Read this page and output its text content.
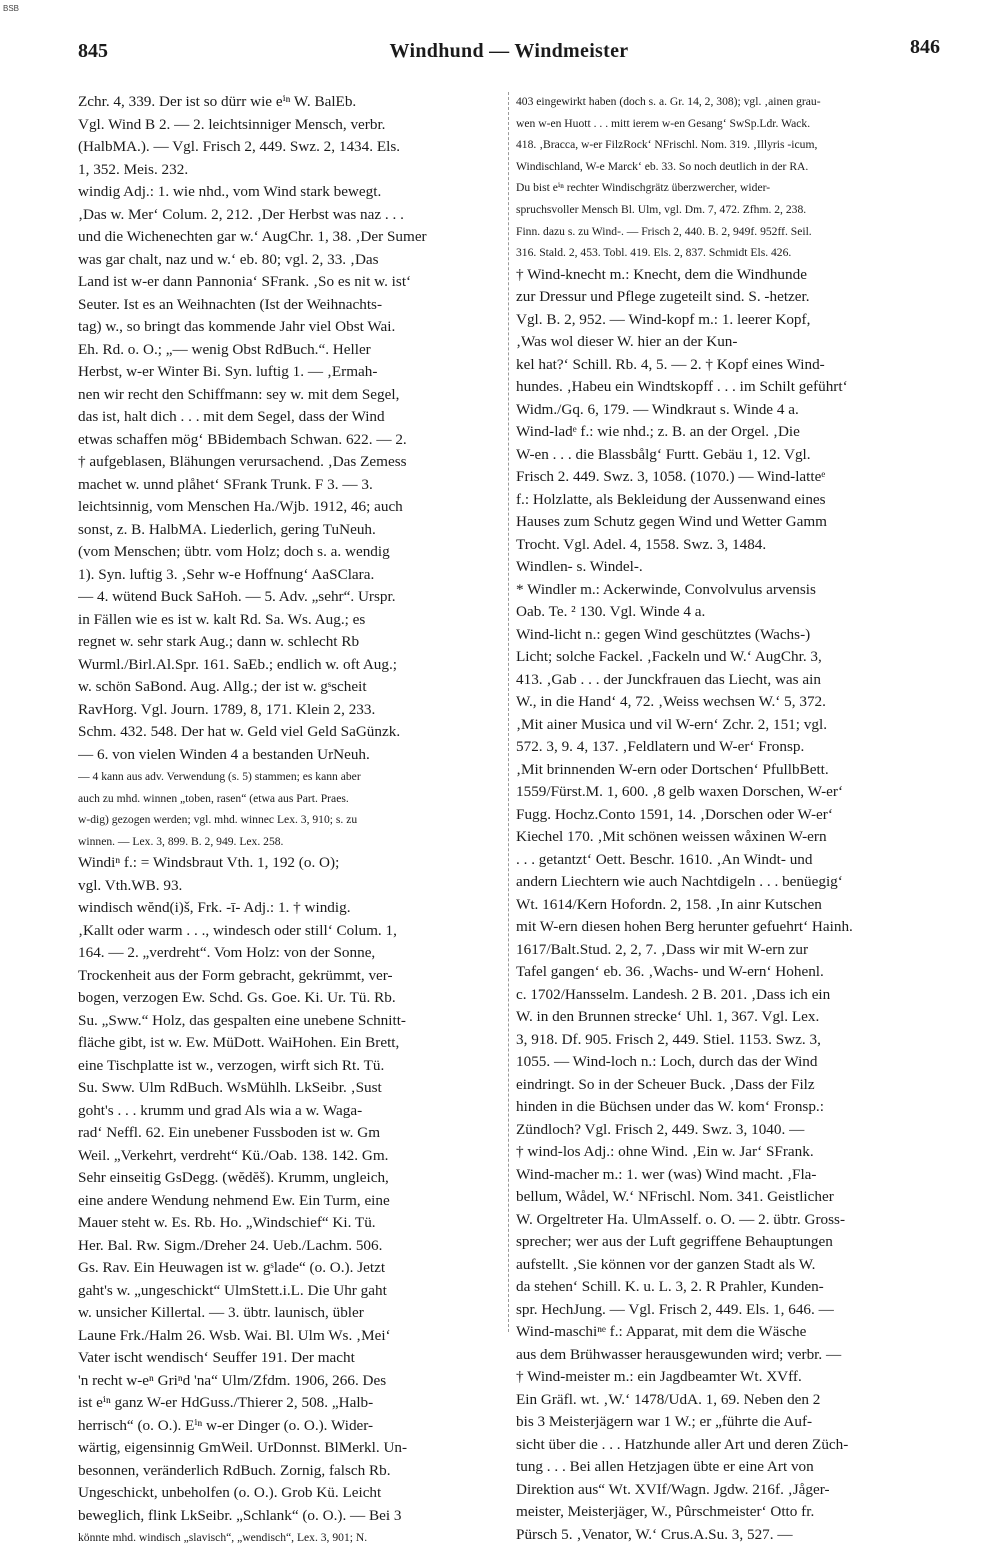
BSB
845	Windhund — Windmeister	846
Zchr. 4, 339. Der ist so dürr wie eⁱⁿ W. BalEb.
Vgl. Wind B 2. — 2. leichtsinniger Mensch, verbr.
(HalbMA.). — Vgl. Frisch 2, 449. Swz. 2, 1434. Els.
1, 352. Meis. 232.
windig Adj.: 1. wie nhd., vom Wind stark bewegt.
‚Das w. Mer‘ Colum. 2, 212. ‚Der Herbst was naz . . .
und die Wichenechten gar w.‘ AugChr. 1, 38. ‚Der Sumer
was gar chalt, naz und w.‘ eb. 80; vgl. 2, 33. ‚Das
Land ist w-er dann Pannonia‘ SFrank. ‚So es nit w. ist‘
Seuter. Ist es an Weihnachten (Ist der Weihnachts-
tag) w., so bringt das kommende Jahr viel Obst Wai.
Eh. Rd. o. O.; „— wenig Obst RdBuch.“. Heller
Herbst, w-er Winter Bi. Syn. luftig 1. — ‚Ermah-
nen wir recht den Schiffmann: sey w. mit dem Segel,
das ist, halt dich . . . mit dem Segel, dass der Wind
etwas schaffen mög‘ BBidembach Schwan. 622. — 2.
† aufgeblasen, Blähungen verursachend. ‚Das Zemess
machet w. unnd plåhet‘ SFrank Trunk. F 3. — 3.
leichtsinnig, vom Menschen Ha./Wjb. 1912, 46; auch
sonst, z. B. HalbMA. Liederlich, gering TuNeuh.
(vom Menschen; übtr. vom Holz; doch s. a. wendig
1). Syn. luftig 3. ‚Sehr w-e Hoffnung‘ AaSClara.
— 4. wütend Buck SaHoh. — 5. Adv. „sehr“. Urspr.
in Fällen wie es ist w. kalt Rd. Sa. Ws. Aug.; es
regnet w. sehr stark Aug.; dann w. schlecht Rb
Wurml./Birl.Al.Spr. 161. SaEb.; endlich w. oft Aug.;
w. schön SaBond. Aug. Allg.; der ist w. gˢscheit
RavHorg. Vgl. Journ. 1789, 8, 171. Klein 2, 233.
Schm. 432. 548. Der hat w. Geld viel Geld SaGünzk.
— 6. von vielen Winden 4 a bestanden UrNeuh.
— 4 kann aus adv. Verwendung (s. 5) stammen; es kann aber
auch zu mhd. winnen „toben, rasen“ (etwa aus Part. Praes.
w-dig) gezogen werden; vgl. mhd. winnec Lex. 3, 910; s. zu
winnen. — Lex. 3, 899. B. 2, 949. Lex. 258.
Windiⁿ f.: = Windsbraut Vth. 1, 192 (o. O);
vgl. Vth.WB. 93.
windisch wĕnd(i)š, Frk. -ī- Adj.: 1. † windig.
‚Kallt oder warm . . ., windesch oder still‘ Colum. 1,
164. — 2. „verdreht“. Vom Holz: von der Sonne,
Trockenheit aus der Form gebracht, gekrümmt, ver-
bogen, verzogen Ew. Schd. Gs. Goe. Ki. Ur. Tü. Rb.
Su. „Sww.“ Holz, das gespalten eine unebene Schnitt-
fläche gibt, ist w. Ew. MüDott. WaiHohen. Ein Brett,
eine Tischplatte ist w., verzogen, wirft sich Rt. Tü.
Su. Sww. Ulm RdBuch. WsMühlh. LkSeibr. ‚Sust
goht's . . . krumm und grad Als wia a w. Waga-
rad‘ Neffl. 62. Ein unebener Fussboden ist w. Gm
Weil. „Verkehrt, verdreht“ Kü./Oab. 138. 142. Gm.
Sehr einseitig GsDegg. (wĕdĕš). Krumm, ungleich,
eine andere Wendung nehmend Ew. Ein Turm, eine
Mauer steht w. Es. Rb. Ho. „Windschief“ Ki. Tü.
Her. Bal. Rw. Sigm./Dreher 24. Ueb./Lachm. 506.
Gs. Rav. Ein Heuwagen ist w. gˢlade“ (o. O.). Jetzt
gaht's w. „ungeschickt“ UlmStett.i.L. Die Uhr gaht
w. unsicher Killertal. — 3. übtr. launisch, übler
Laune Frk./Halm 26. Wsb. Wai. Bl. Ulm Ws. ‚Mei‘
Vater ischt wendisch‘ Seuffer 191. Der macht
'n recht w-eⁿ Griⁿd 'na“ Ulm/Zfdm. 1906, 266. Des
ist eⁱⁿ ganz W-er HdGuss./Thierer 2, 508. „Halb-
herrisch“ (o. O.). Eⁱⁿ w-er Dinger (o. O.). Wider-
wärtig, eigensinnig GmWeil. UrDonnst. BlMerkl. Un-
besonnen, veränderlich RdBuch. Zornig, falsch Rb.
Ungeschickt, unbeholfen (o. O.). Grob Kü. Leicht
beweglich, flink LkSeibr. „Schlank“ (o. O.). — Bei 3
könnte mhd. windisch „slavisch“, „wendisch“, Lex. 3, 901; N.
403 eingewirkt haben (doch s. a. Gr. 14, 2, 308); vgl. ‚ainen grau-
wen w-en Huott . . . mitt ierem w-en Gesang‘ SwSp.Ldr. Wack.
418. ‚Bracca, w-er FilzRock‘ NFrischl. Nom. 319. ‚Illyris -icum,
Windischland, W-e Marck‘ eb. 33. So noch deutlich in der RA.
Du bist eⁱⁿ rechter Windischgrätz überzwercher, wider-
spruchsvoller Mensch Bl. Ulm, vgl. Dm. 7, 472. Zfhm. 2, 238.
Finn. dazu s. zu Wind-. — Frisch 2, 440. B. 2, 949f. 952ff. Seil.
316. Stald. 2, 453. Tobl. 419. Els. 2, 837. Schmidt Els. 426.
† Wind-knecht m.: Knecht, dem die Windhunde
zur Dressur und Pflege zugeteilt sind. S. -hetzer.
Vgl. B. 2, 952. — Wind-kopf m.: 1. leerer Kopf,
‚Was wol dieser W. hier an der Kun-
kel hat?‘ Schill. Rb. 4, 5. — 2. † Kopf eines Wind-
hundes. ‚Habeu ein Windtskopff . . . im Schilt geführt‘
Widm./Gq. 6, 179. — Windkraut s. Winde 4 a.
Wind-ladᵉ f.: wie nhd.; z. B. an der Orgel. ‚Die
W-en . . . die Blassbålg‘ Furtt. Gebäu 1, 12. Vgl.
Frisch 2. 449. Swz. 3, 1058. (1070.) — Wind-latteᵉ
f.: Holzlatte, als Bekleidung der Aussenwand eines
Hauses zum Schutz gegen Wind und Wetter Gamm
Trocht. Vgl. Adel. 4, 1558. Swz. 3, 1484.
Windlen- s. Windel-.
* Windler m.: Ackerwinde, Convolvulus arvensis
Oab. Te. ² 130. Vgl. Winde 4 a.
Wind-licht n.: gegen Wind geschütztes (Wachs-)
Licht; solche Fackel. ‚Fackeln und W.‘ AugChr. 3,
413. ‚Gab . . . der Junckfrauen das Liecht, was ain
W., in die Hand‘ 4, 72. ‚Weiss wechsen W.‘ 5, 372.
‚Mit ainer Musica und vil W-ern‘ Zchr. 2, 151; vgl.
572. 3, 9. 4, 137. ‚Feldlatern und W-er‘ Fronsp.
‚Mit brinnenden W-ern oder Dortschen‘ PfullbBett.
1559/Fürst.M. 1, 600. ‚8 gelb waxen Dorschen, W-er‘
Fugg. Hochz.Conto 1591, 14. ‚Dorschen oder W-er‘
Kiechel 170. ‚Mit schönen weissen wåxinen W-ern
. . . getantzt‘ Oett. Beschr. 1610. ‚An Windt- und
andern Liechtern wie auch Nachtdigeln . . . benüegig‘
Wt. 1614/Kern Hofordn. 2, 158. ‚In ainr Kutschen
mit W-ern diesen hohen Berg herunter gefuehrt‘ Hainh.
1617/Balt.Stud. 2, 2, 7. ‚Dass wir mit W-ern zur
Tafel gangen‘ eb. 36. ‚Wachs- und W-ern‘ Hohenl.
c. 1702/Hansselm. Landesh. 2 B. 201. ‚Dass ich ein
W. in den Brunnen strecke‘ Uhl. 1, 367. Vgl. Lex.
3, 918. Df. 905. Frisch 2, 449. Stiel. 1153. Swz. 3,
1055. — Wind-loch n.: Loch, durch das der Wind
eindringt. So in der Scheuer Buck. ‚Dass der Filz
hinden in die Büchsen under das W. kom‘ Fronsp.:
Zündloch? Vgl. Frisch 2, 449. Swz. 3, 1040. —
† wind-los Adj.: ohne Wind. ‚Ein w. Jar‘ SFrank.
Wind-macher m.: 1. wer (was) Wind macht. ‚Fla-
bellum, Wådel, W.‘ NFrischl. Nom. 341. Geistlicher
W. Orgeltreter Ha. UlmAsself. o. O. — 2. übtr. Gross-
sprecher; wer aus der Luft gegriffene Behauptungen
aufstellt. ‚Sie können vor der ganzen Stadt als W.
da stehen‘ Schill. K. u. L. 3, 2. R Prahler, Kunden-
spr. HechJung. — Vgl. Frisch 2, 449. Els. 1, 646. —
Wind-maschiⁿᵉ f.: Apparat, mit dem die Wäsche
aus dem Brühwasser herausgewunden wird; verbr. —
† Wind-meister m.: ein Jagdbeamter Wt. XVff.
Ein Gräfl. wt. ‚W.‘ 1478/UdA. 1, 69. Neben den 2
bis 3 Meisterjägern war 1 W.; er „führte die Auf-
sicht über die . . . Hatzhunde aller Art und deren Züch-
tung . . . Bei allen Hetzjagen übte er eine Art von
Direktion aus“ Wt. XVIf/Wagn. Jgdw. 216f. ‚Jåger-
meister, Meisterjäger, W., Pûrschmeister‘ Otto fr.
Pürsch 5. ‚Venator, W.‘ Crus.A.Su. 3, 527. —
